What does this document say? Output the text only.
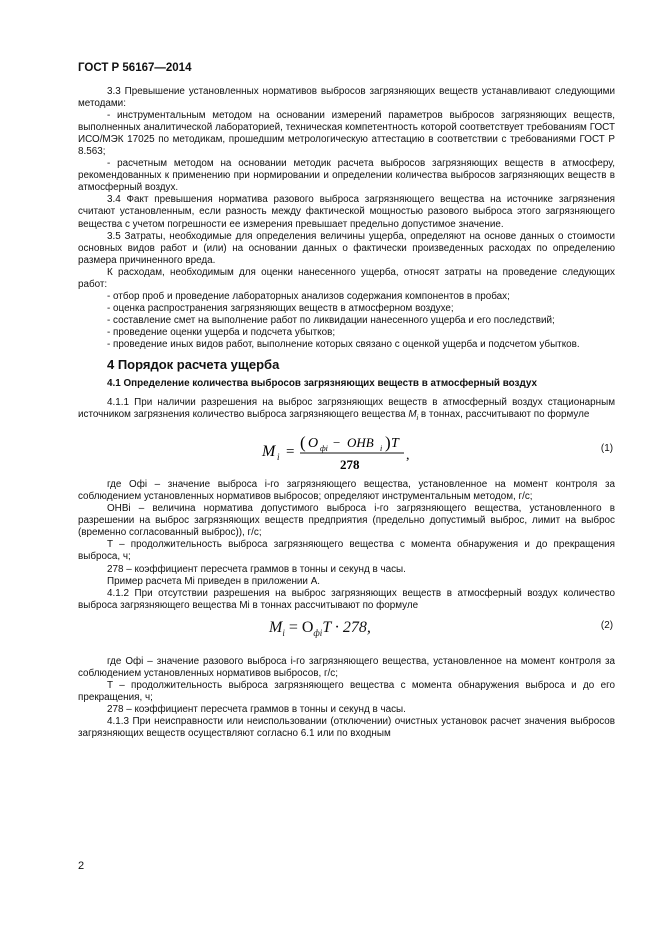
ГОСТ Р 56167—2014

3.3 Превышение установленных нормативов выбросов загрязняющих веществ устанавливают следующими методами:

- инструментальным методом на основании измерений параметров выбросов загрязняющих веществ, выполненных аналитической лабораторией, техническая компетентность которой соответствует требованиям ГОСТ ИСО/МЭК 17025 по методикам, прошедшим метрологическую аттестацию в соответствии с требованиями ГОСТ Р 8.563;

- расчетным методом на основании методик расчета выбросов загрязняющих веществ в атмосферу, рекомендованных к применению при нормировании и определении количества выбросов загрязняющих веществ в атмосферный воздух.

3.4 Факт превышения норматива разового выброса загрязняющего вещества на источнике загрязнения считают установленным, если разность между фактической мощностью разового выброса этого загрязняющего вещества с учетом погрешности ее измерения превышает предельно допустимое значение.

3.5 Затраты, необходимые для определения величины ущерба, определяют на основе данных о стоимости основных видов работ и (или) на основании данных о фактически произведенных расходах по определению размера причиненного вреда.

К расходам, необходимым для оценки нанесенного ущерба, относят затраты на проведение следующих работ:

- отбор проб и проведение лабораторных анализов содержания компонентов в пробах;

- оценка распространения загрязняющих веществ в атмосферном воздухе;

- составление смет на выполнение работ по ликвидации нанесенного ущерба и его последствий;

- проведение оценки ущерба и подсчета убытков;

- проведение иных видов работ, выполнение которых связано с оценкой ущерба и подсчетом убытков.

4 Порядок расчета ущерба
4.1 Определение количества выбросов загрязняющих веществ в атмосферный воздух

4.1.1 При наличии разрешения на выброс загрязняющих веществ в атмосферный воздух стационарным источником загрязнения количество выброса загрязняющего вещества $M_i$ в тоннах, рассчитывают по формуле

M i = ( O фi − ОНВ i ) T
278
,	(1)

где Oфi – значение выброса i-го загрязняющего вещества, установленное на момент контроля за соблюдением установленных нормативов выбросов; определяют инструментальным методом, г/с;

ОНВi – величина норматива допустимого выброса i-го загрязняющего вещества, установленного в разрешении на выброс загрязняющих веществ предприятия (предельно допустимый выброс, лимит на выброс (временно согласованный выброс)), г/с;

T – продолжительность выброса загрязняющего вещества с момента обнаружения и до прекращения выброса, ч;

278 – коэффициент пересчета граммов в тонны и секунд в часы.

Пример расчета Mi приведен в приложении А.

4.1.2 При отсутствии разрешения на выброс загрязняющих веществ в атмосферный воздух количество выброса загрязняющего вещества Mi в тоннах рассчитывают по формуле

$M_i = O_{фi}T \cdot 278$,	(2)

где Oфi – значение разового выброса i-го загрязняющего вещества, установленное на момент контроля за соблюдением установленных нормативов выбросов, г/с;

T – продолжительность выброса загрязняющего вещества с момента обнаружения выброса и до его прекращения, ч;

278 – коэффициент пересчета граммов в тонны и секунд в часы.

4.1.3 При неисправности или неиспользовании (отключении) очистных установок расчет значения выбросов загрязняющих веществ осуществляют согласно 6.1 или по входным

2
